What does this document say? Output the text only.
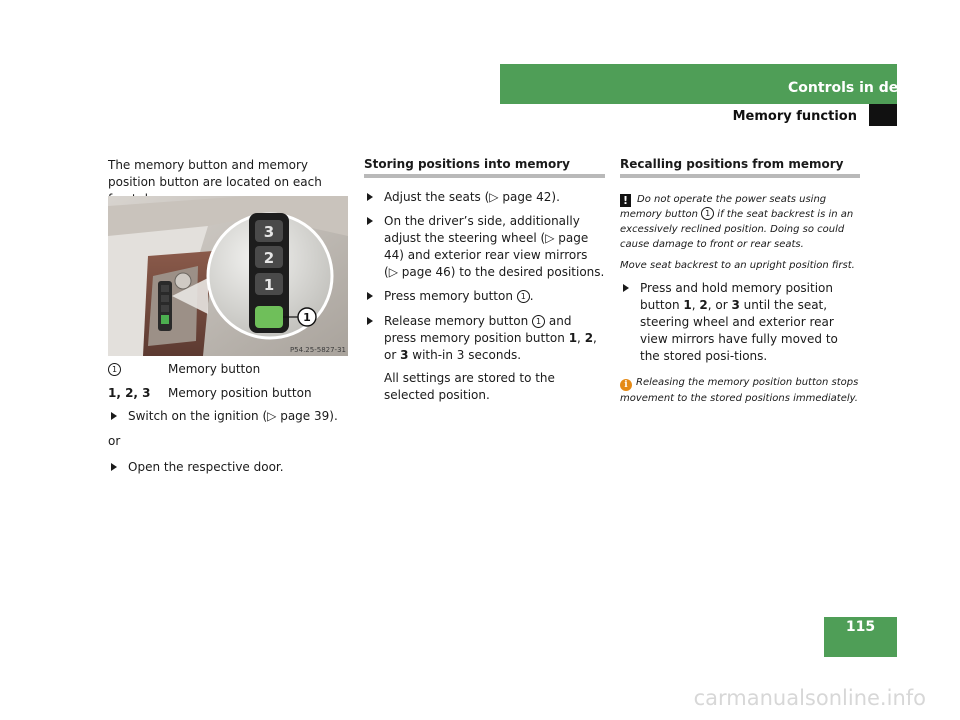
Controls in detail
Memory function
The memory button and memory position button are located on each
3
2
1
1
P54.25-5827-31
1	Memory button
1, 2, 3	Memory position button
Switch on the ignition (▷ page 39).
or
Open the respective door.
Storing positions into memory
Adjust the seats (▷ page 42).
On the driver’s side, additionally adjust the steering wheel (▷ page 44) and exterior rear view mirrors (▷ page 46) to the desired positions.
Press memory button 1 .
Release memory button 1 and press memory position button 1, 2, or 3 with-in 3 seconds.
All settings are stored to the selected position.
Recalling positions from memory
! Do not operate the power seats using memory button 1 if the seat backrest is in an excessively reclined position. Doing so could cause damage to front or rear seats.
Move seat backrest to an upright position first.
Press and hold memory position button 1, 2, or 3 until the seat, steering wheel and exterior rear view mirrors have fully moved to the stored posi-tions.
i Releasing the memory position button stops movement to the stored positions immediately.
115
carmanualsonline.info
